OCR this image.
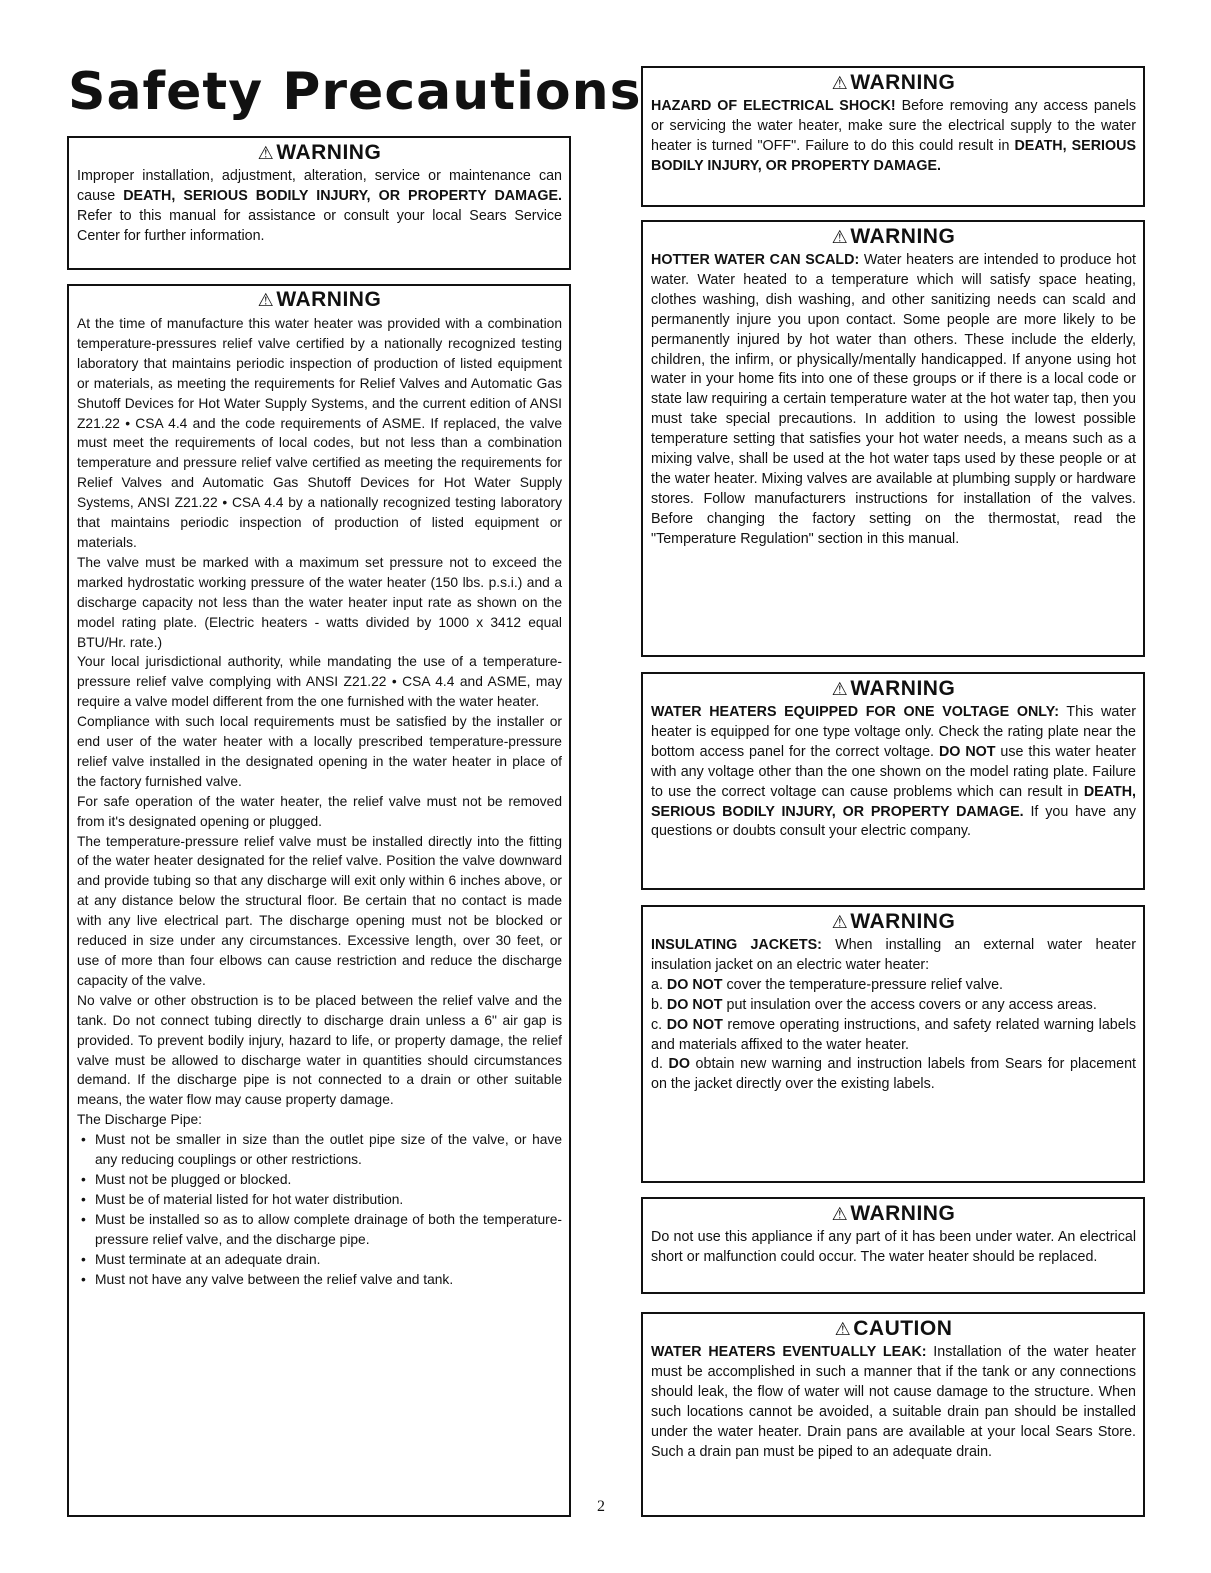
Safety Precautions
⚠WARNING
Improper installation, adjustment, alteration, service or maintenance can cause DEATH, SERIOUS BODILY INJURY, OR PROPERTY DAMAGE. Refer to this manual for assistance or consult your local Sears Service Center for further information.
⚠WARNING

At the time of manufacture this water heater was provided with a combination temperature-pressures relief valve certified by a nationally recognized testing laboratory that maintains periodic inspection of production of listed equipment or materials, as meeting the requirements for Relief Valves and Automatic Gas Shutoff Devices for Hot Water Supply Systems, and the current edition of ANSI Z21.22 • CSA 4.4 and the code requirements of ASME. If replaced, the valve must meet the requirements of local codes, but not less than a combination temperature and pressure relief valve certified as meeting the requirements for Relief Valves and Automatic Gas Shutoff Devices for Hot Water Supply Systems, ANSI Z21.22 • CSA 4.4 by a nationally recognized testing laboratory that maintains periodic inspection of production of listed equipment or materials.

The valve must be marked with a maximum set pressure not to exceed the marked hydrostatic working pressure of the water heater (150 lbs. p.s.i.) and a discharge capacity not less than the water heater input rate as shown on the model rating plate. (Electric heaters - watts divided by 1000 x 3412 equal BTU/Hr. rate.)

Your local jurisdictional authority, while mandating the use of a temperature-pressure relief valve complying with ANSI Z21.22 • CSA 4.4 and ASME, may require a valve model different from the one furnished with the water heater.

Compliance with such local requirements must be satisfied by the installer or end user of the water heater with a locally prescribed temperature-pressure relief valve installed in the designated opening in the water heater in place of the factory furnished valve.

For safe operation of the water heater, the relief valve must not be removed from it's designated opening or plugged.

The temperature-pressure relief valve must be installed directly into the fitting of the water heater designated for the relief valve. Position the valve downward and provide tubing so that any discharge will exit only within 6 inches above, or at any distance below the structural floor. Be certain that no contact is made with any live electrical part. The discharge opening must not be blocked or reduced in size under any circumstances. Excessive length, over 30 feet, or use of more than four elbows can cause restriction and reduce the discharge capacity of the valve.

No valve or other obstruction is to be placed between the relief valve and the tank. Do not connect tubing directly to discharge drain unless a 6" air gap is provided. To prevent bodily injury, hazard to life, or property damage, the relief valve must be allowed to discharge water in quantities should circumstances demand. If the discharge pipe is not connected to a drain or other suitable means, the water flow may cause property damage.

The Discharge Pipe:

• Must not be smaller in size than the outlet pipe size of the valve, or have any reducing couplings or other restrictions.
• Must not be plugged or blocked.
• Must be of material listed for hot water distribution.
• Must be installed so as to allow complete drainage of both the temperature-pressure relief valve, and the discharge pipe.
• Must terminate at an adequate drain.
• Must not have any valve between the relief valve and tank.
2
⚠WARNING
HAZARD OF ELECTRICAL SHOCK! Before removing any access panels or servicing the water heater, make sure the electrical supply to the water heater is turned "OFF". Failure to do this could result in DEATH, SERIOUS BODILY INJURY, OR PROPERTY DAMAGE.
⚠WARNING
HOTTER WATER CAN SCALD: Water heaters are intended to produce hot water. Water heated to a temperature which will satisfy space heating, clothes washing, dish washing, and other sanitizing needs can scald and permanently injure you upon contact. Some people are more likely to be permanently injured by hot water than others. These include the elderly, children, the infirm, or physically/mentally handicapped. If anyone using hot water in your home fits into one of these groups or if there is a local code or state law requiring a certain temperature water at the hot water tap, then you must take special precautions. In addition to using the lowest possible temperature setting that satisfies your hot water needs, a means such as a mixing valve, shall be used at the hot water taps used by these people or at the water heater. Mixing valves are available at plumbing supply or hardware stores. Follow manufacturers instructions for installation of the valves. Before changing the factory setting on the thermostat, read the "Temperature Regulation" section in this manual.
⚠WARNING
WATER HEATERS EQUIPPED FOR ONE VOLTAGE ONLY: This water heater is equipped for one type voltage only. Check the rating plate near the bottom access panel for the correct voltage. DO NOT use this water heater with any voltage other than the one shown on the model rating plate. Failure to use the correct voltage can cause problems which can result in DEATH, SERIOUS BODILY INJURY, OR PROPERTY DAMAGE. If you have any questions or doubts consult your electric company.
⚠WARNING

INSULATING JACKETS: When installing an external water heater insulation jacket on an electric water heater:

a. DO NOT cover the temperature-pressure relief valve.

b. DO NOT put insulation over the access covers or any access areas.

c. DO NOT remove operating instructions, and safety related warning labels and materials affixed to the water heater.

d. DO obtain new warning and instruction labels from Sears for placement on the jacket directly over the existing labels.

⚠WARNING
Do not use this appliance if any part of it has been under water. An electrical short or malfunction could occur. The water heater should be replaced.
⚠CAUTION
WATER HEATERS EVENTUALLY LEAK: Installation of the water heater must be accomplished in such a manner that if the tank or any connections should leak, the flow of water will not cause damage to the structure. When such locations cannot be avoided, a suitable drain pan should be installed under the water heater. Drain pans are available at your local Sears Store. Such a drain pan must be piped to an adequate drain.
